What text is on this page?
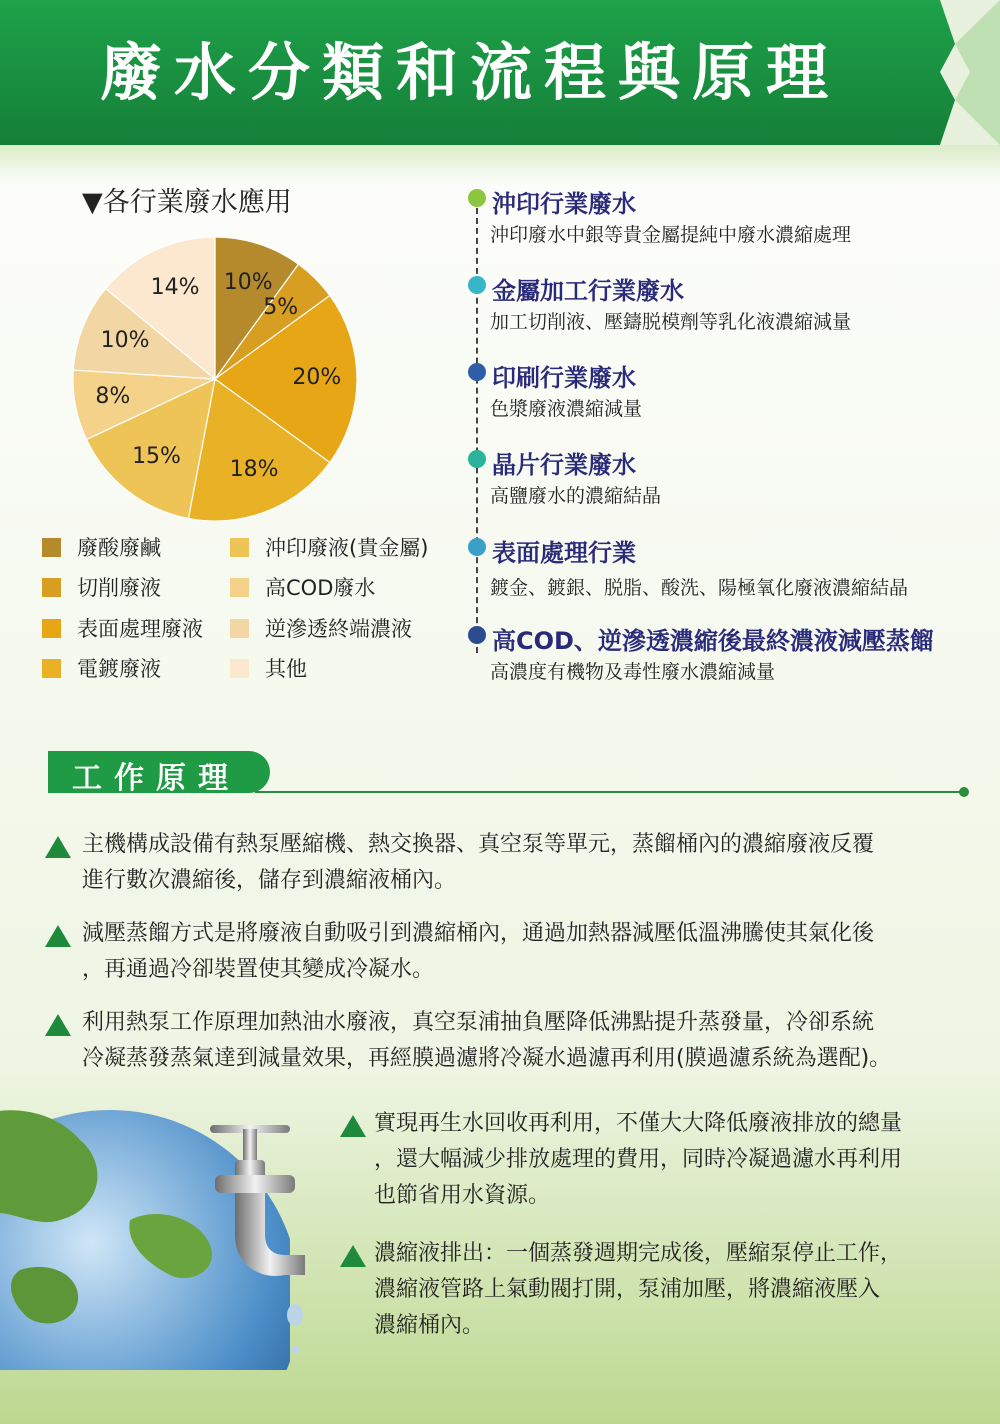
廢水分類和流程與原理
▼各行業廢水應用
10%
5%
20%
18%
15%
8%
10%
14%
廢酸廢鹹
切削廢液
表面處理廢液
電鍍廢液
沖印廢液(貴金屬)
高COD廢水
逆滲透終端濃液
其他
沖印行業廢水
沖印廢水中銀等貴金屬提純中廢水濃縮處理
金屬加工行業廢水
加工切削液、壓鑄脱模劑等乳化液濃縮減量
印刷行業廢水
色漿廢液濃縮減量
晶片行業廢水
高鹽廢水的濃縮結晶
表面處理行業
鍍金、鍍銀、脱脂、酸洗、陽極氧化廢液濃縮結晶
高COD、逆滲透濃縮後最終濃液減壓蒸餾
高濃度有機物及毒性廢水濃縮減量
工作原理
主機構成設備有熱泵壓縮機、熱交換器、真空泵等單元，蒸餾桶內的濃縮廢液反覆
進行數次濃縮後，儲存到濃縮液桶內。
減壓蒸餾方式是將廢液自動吸引到濃縮桶內，通過加熱器減壓低溫沸騰使其氣化後
，再通過冷卻裝置使其變成冷凝水。
利用熱泵工作原理加熱油水廢液，真空泵浦抽負壓降低沸點提升蒸發量，冷卻系統
冷凝蒸發蒸氣達到減量效果，再經膜過濾將冷凝水過濾再利用(膜過濾系統為選配)。
實現再生水回收再利用，不僅大大降低廢液排放的總量
，還大幅減少排放處理的費用，同時冷凝過濾水再利用
也節省用水資源。
濃縮液排出：一個蒸發週期完成後，壓縮泵停止工作，
濃縮液管路上氣動閥打開，泵浦加壓，將濃縮液壓入
濃縮桶內。
